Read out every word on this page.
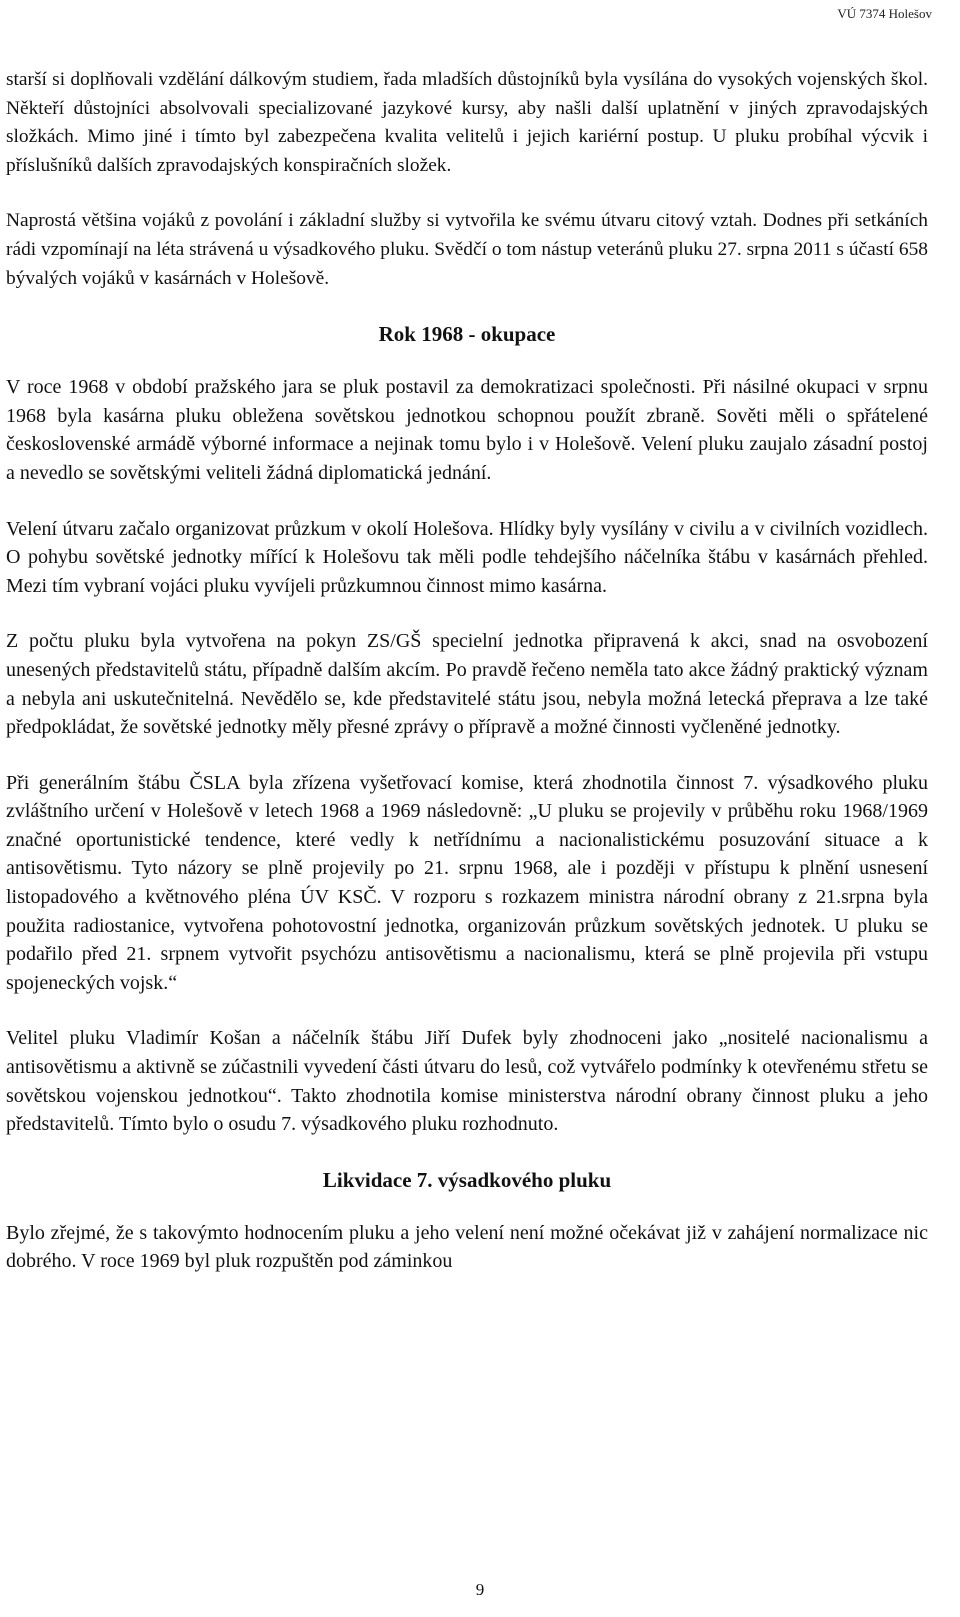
VÚ 7374 Holešov

starší si doplňovali vzdělání dálkovým studiem, řada mladších důstojníků byla vysílána do vysokých vojenských škol. Někteří důstojníci absolvovali specializované jazykové kursy, aby našli další uplatnění v jiných zpravodajských složkách. Mimo jiné i tímto byl zabezpečena kvalita velitelů i jejich kariérní postup. U pluku probíhal výcvik i příslušníků dalších zpravodajských konspiračních složek.

Naprostá většina vojáků z povolání i základní služby si vytvořila ke svému útvaru citový vztah. Dodnes při setkáních rádi vzpomínají na léta strávená u výsadkového pluku. Svědčí o tom nástup veteránů pluku 27. srpna 2011 s účastí 658 bývalých vojáků v kasárnách v Holešově.

Rok 1968 - okupace

V roce 1968 v období pražského jara se pluk postavil za demokratizaci společnosti. Při násilné okupaci v srpnu 1968 byla kasárna pluku obležena sovětskou jednotkou schopnou použít zbraně. Sověti měli o spřátelené československé armádě výborné informace a nejinak tomu bylo i v Holešově. Velení pluku zaujalo zásadní postoj a nevedlo se sovětskými veliteli žádná diplomatická jednání.

Velení útvaru začalo organizovat průzkum v okolí Holešova. Hlídky byly vysílány v civilu a v civilních vozidlech. O pohybu sovětské jednotky mířící k Holešovu tak měli podle tehdejšího náčelníka štábu v kasárnách přehled. Mezi tím vybraní vojáci pluku vyvíjeli průzkumnou činnost mimo kasárna.

Z počtu pluku byla vytvořena na pokyn ZS/GŠ specielní jednotka připravená k akci, snad na osvobození unesených představitelů státu, případně dalším akcím. Po pravdě řečeno neměla tato akce žádný praktický význam a nebyla ani uskutečnitelná. Nevědělo se, kde představitelé státu jsou, nebyla možná letecká přeprava a lze také předpokládat, že sovětské jednotky měly přesné zprávy o přípravě a možné činnosti vyčleněné jednotky.

Při generálním štábu ČSLA byla zřízena vyšetřovací komise, která zhodnotila činnost 7. výsadkového pluku zvláštního určení v Holešově v letech 1968 a 1969 následovně: „U pluku se projevily v průběhu roku 1968/1969 značné oportunistické tendence, které vedly k netřídnímu a nacionalistickému posuzování situace a k antisovětismu. Tyto názory se plně projevily po 21. srpnu 1968, ale i později v přístupu k plnění usnesení listopadového a květnového pléna ÚV KSČ. V rozporu s rozkazem ministra národní obrany z 21.srpna byla použita radiostanice, vytvořena pohotovostní jednotka, organizován průzkum sovětských jednotek. U pluku se podařilo před 21. srpnem vytvořit psychózu antisovětismu a nacionalismu, která se plně projevila při vstupu spojeneckých vojsk.“

Velitel pluku Vladimír Košan a náčelník štábu Jiří Dufek byly zhodnoceni jako „nositelé nacionalismu a antisovětismu a aktivně se zúčastnili vyvedení části útvaru do lesů, což vytvářelo podmínky k otevřenému střetu se sovětskou vojenskou jednotkou“. Takto zhodnotila komise ministerstva národní obrany činnost pluku a jeho představitelů. Tímto bylo o osudu 7. výsadkového pluku rozhodnuto.

Likvidace 7. výsadkového pluku

Bylo zřejmé, že s takovýmto hodnocením pluku a jeho velení není možné očekávat již v zahájení normalizace nic dobrého. V roce 1969 byl pluk rozpuštěn pod záminkou

9
